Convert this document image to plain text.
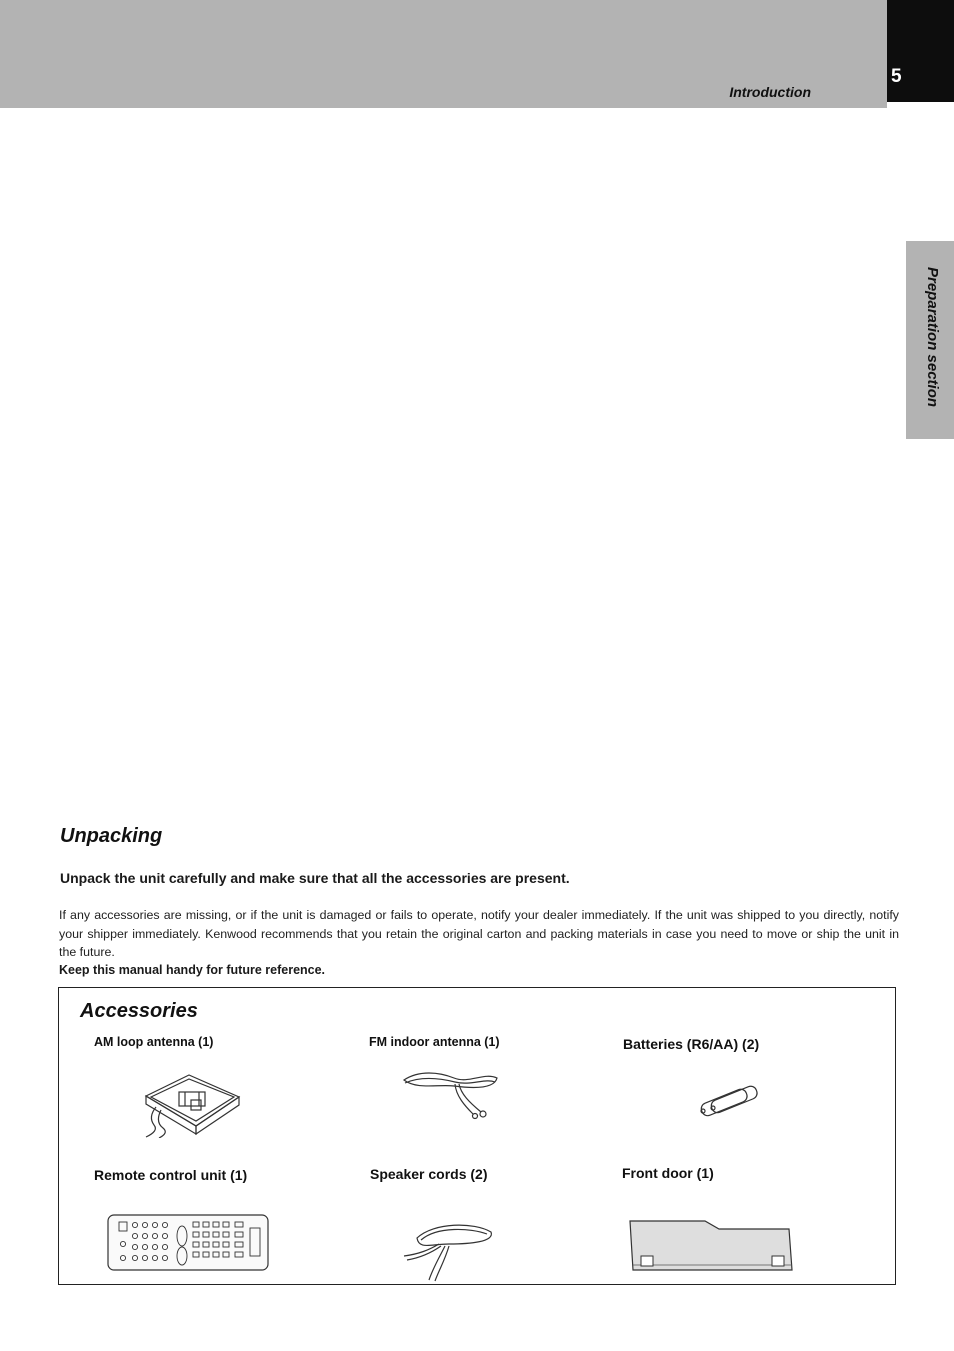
Introduction
5
Preparation section
Unpacking

Unpack the unit carefully and make sure that all the accessories are present.

If any accessories are missing, or if the unit is damaged or fails to operate, notify your dealer immediately. If the unit was shipped to you directly, notify your shipper immediately. Kenwood recommends that you retain the original carton and packing materials in case you need to move or ship the unit in the future.

Keep this manual handy for future reference.

Accessories
AM loop antenna (1)	FM indoor antenna (1)	Batteries (R6/AA) (2)
Remote control unit (1)	Speaker cords (2)	Front door (1)
